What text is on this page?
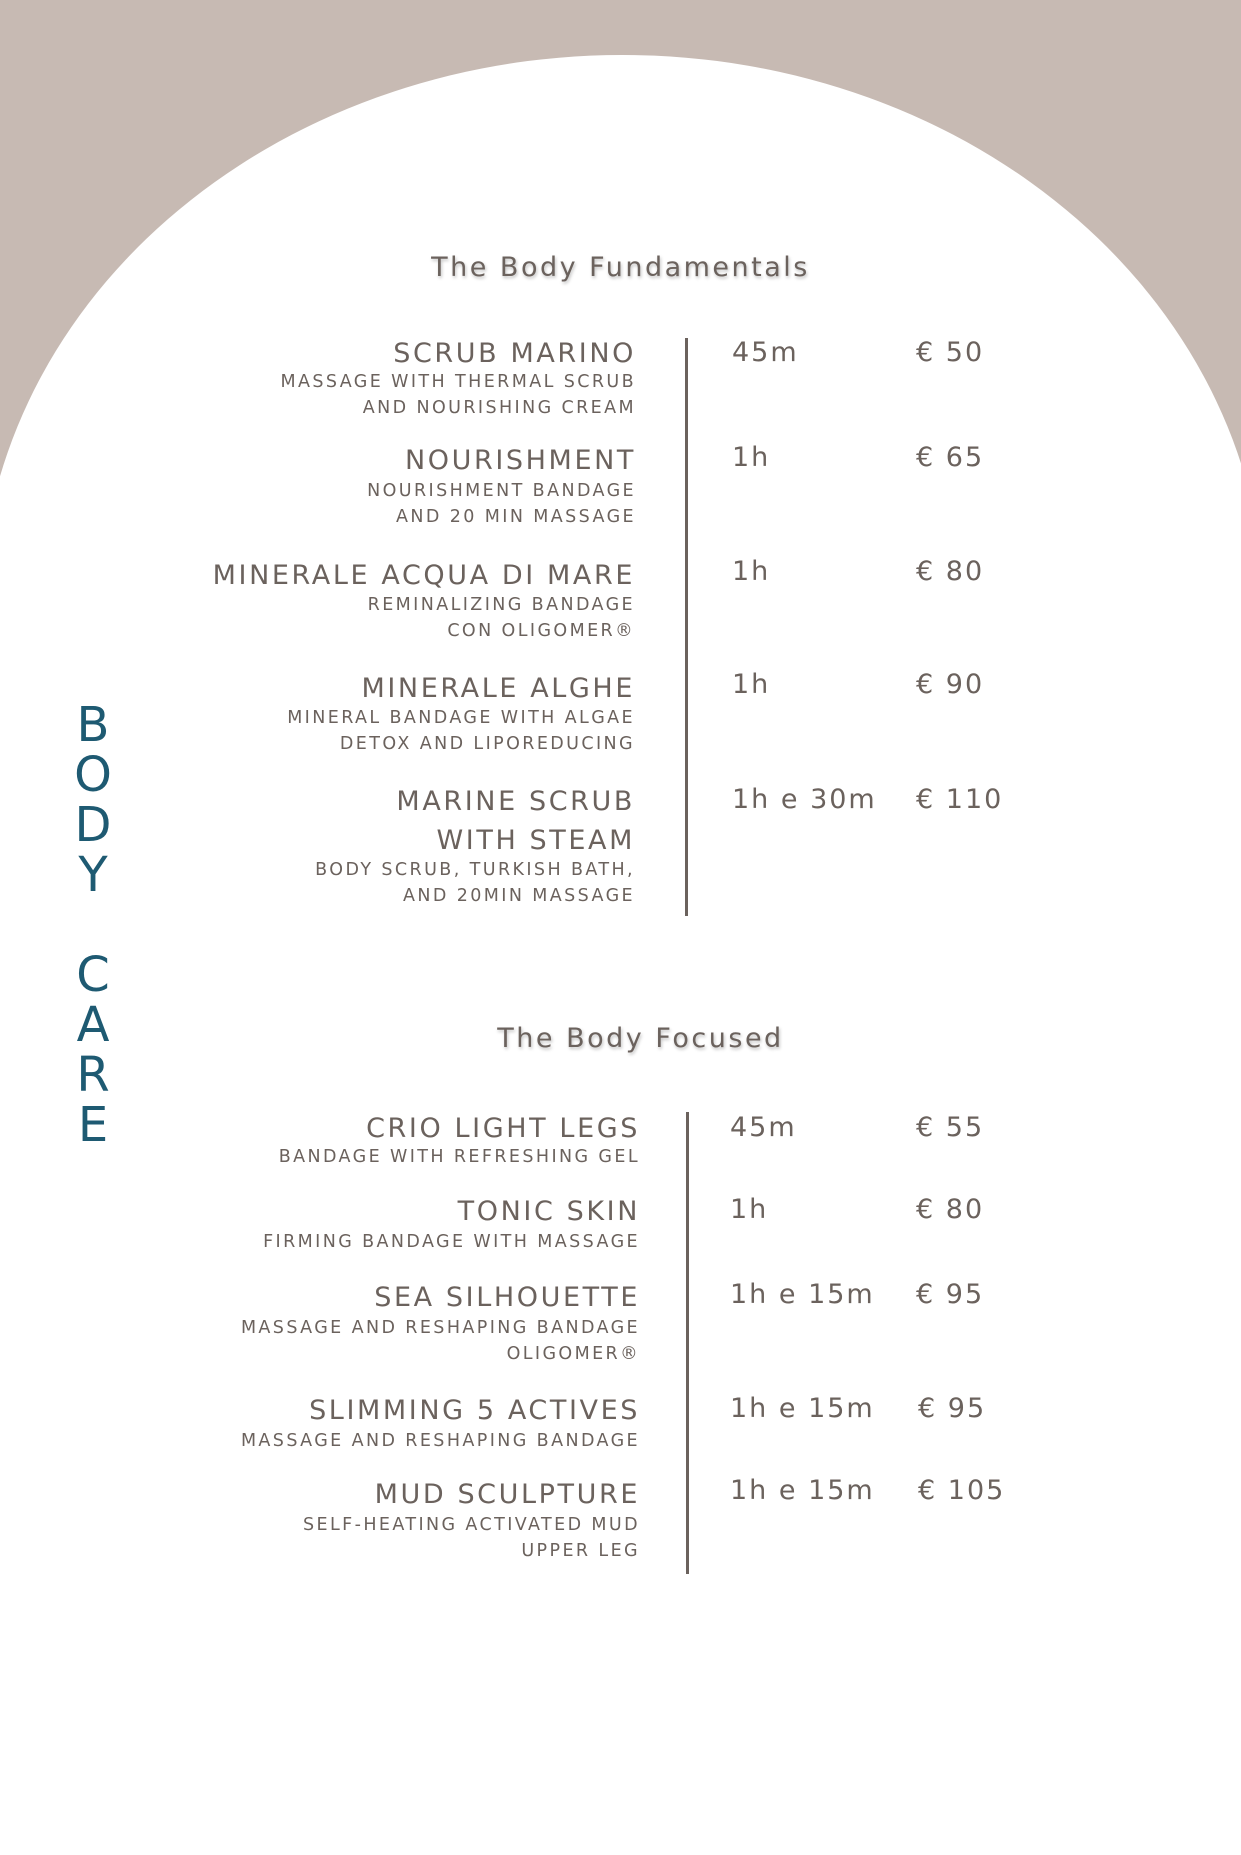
B
O
D
Y

C
A
R
E
The Body Fundamentals
SCRUB MARINO
MASSAGE WITH THERMAL SCRUB
AND NOURISHING CREAM
45m	€ 50
NOURISHMENT
NOURISHMENT BANDAGE
AND 20 MIN MASSAGE
1h	€ 65
MINERALE ACQUA DI MARE
REMINALIZING BANDAGE
CON OLIGOMER®
1h	€ 80
MINERALE ALGHE
MINERAL BANDAGE WITH ALGAE
DETOX AND LIPOREDUCING
1h	€ 90
MARINE SCRUB
WITH STEAM
BODY SCRUB, TURKISH BATH,
AND 20MIN MASSAGE
1h e 30m € 110
The Body Focused
CRIO LIGHT LEGS
BANDAGE WITH REFRESHING GEL
45m	€ 55
TONIC SKIN
FIRMING BANDAGE WITH MASSAGE
1h	€ 80
SEA SILHOUETTE
MASSAGE AND RESHAPING BANDAGE
OLIGOMER®
1h e 15m € 95
SLIMMING 5 ACTIVES
MASSAGE AND RESHAPING BANDAGE
1h e 15m € 95
MUD SCULPTURE
SELF-HEATING ACTIVATED MUD
UPPER LEG
1h e 15m € 105
